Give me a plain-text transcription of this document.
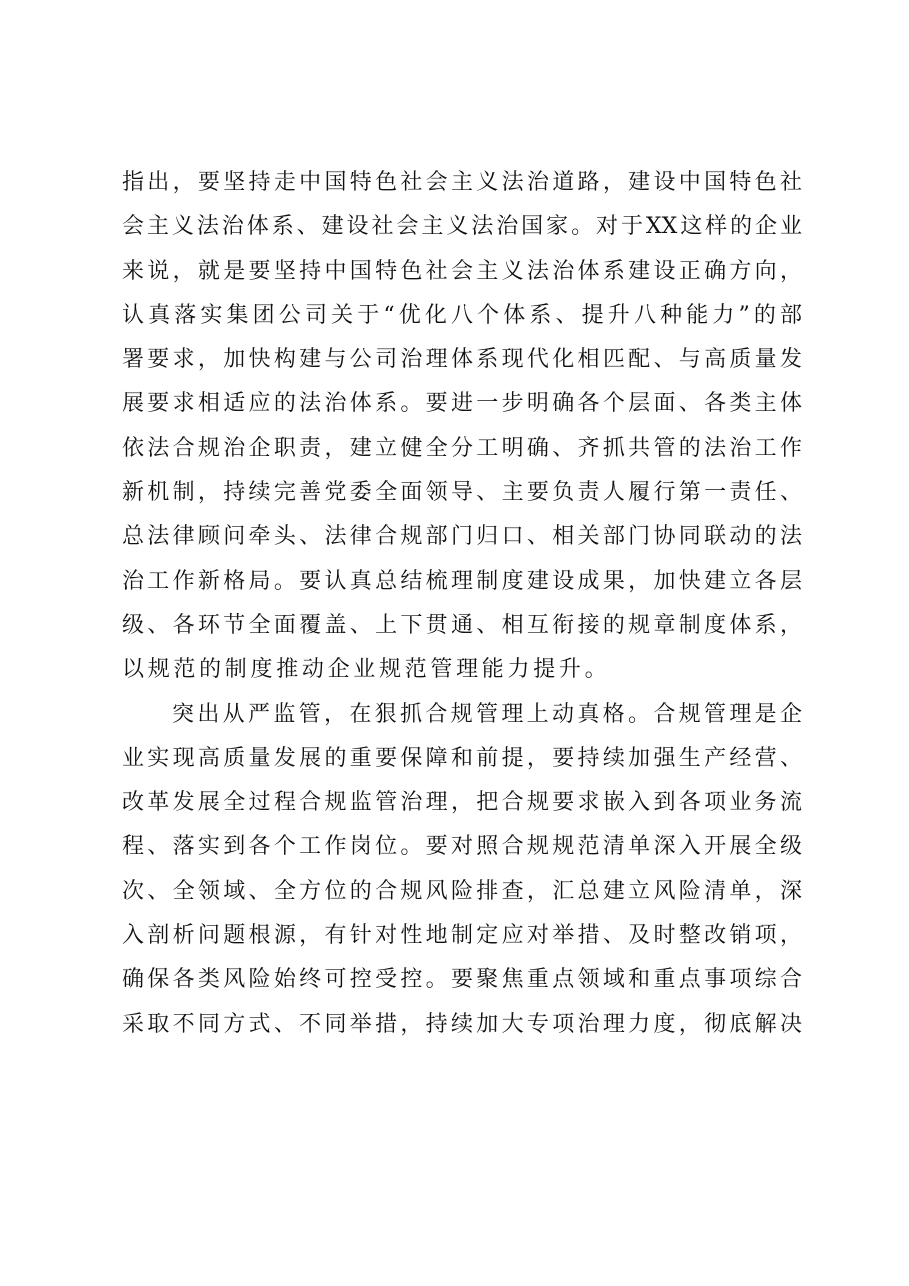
指出，要坚持走中国特色社会主义法治道路，建设中国特色社
会主义法治体系、建设社会主义法治国家。对于XX这样的企业
来说，就是要坚持中国特色社会主义法治体系建设正确方向，
认真落实集团公司关于“优化八个体系、提升八种能力”的部
署要求，加快构建与公司治理体系现代化相匹配、与高质量发
展要求相适应的法治体系。要进一步明确各个层面、各类主体
依法合规治企职责，建立健全分工明确、齐抓共管的法治工作
新机制，持续完善党委全面领导、主要负责人履行第一责任、
总法律顾问牵头、法律合规部门归口、相关部门协同联动的法
治工作新格局。要认真总结梳理制度建设成果，加快建立各层
级、各环节全面覆盖、上下贯通、相互衔接的规章制度体系，
以规范的制度推动企业规范管理能力提升。
突出从严监管，在狠抓合规管理上动真格。合规管理是企
业实现高质量发展的重要保障和前提，要持续加强生产经营、
改革发展全过程合规监管治理，把合规要求嵌入到各项业务流
程、落实到各个工作岗位。要对照合规规范清单深入开展全级
次、全领域、全方位的合规风险排查，汇总建立风险清单，深
入剖析问题根源，有针对性地制定应对举措、及时整改销项，
确保各类风险始终可控受控。要聚焦重点领域和重点事项综合
采取不同方式、不同举措，持续加大专项治理力度，彻底解决
